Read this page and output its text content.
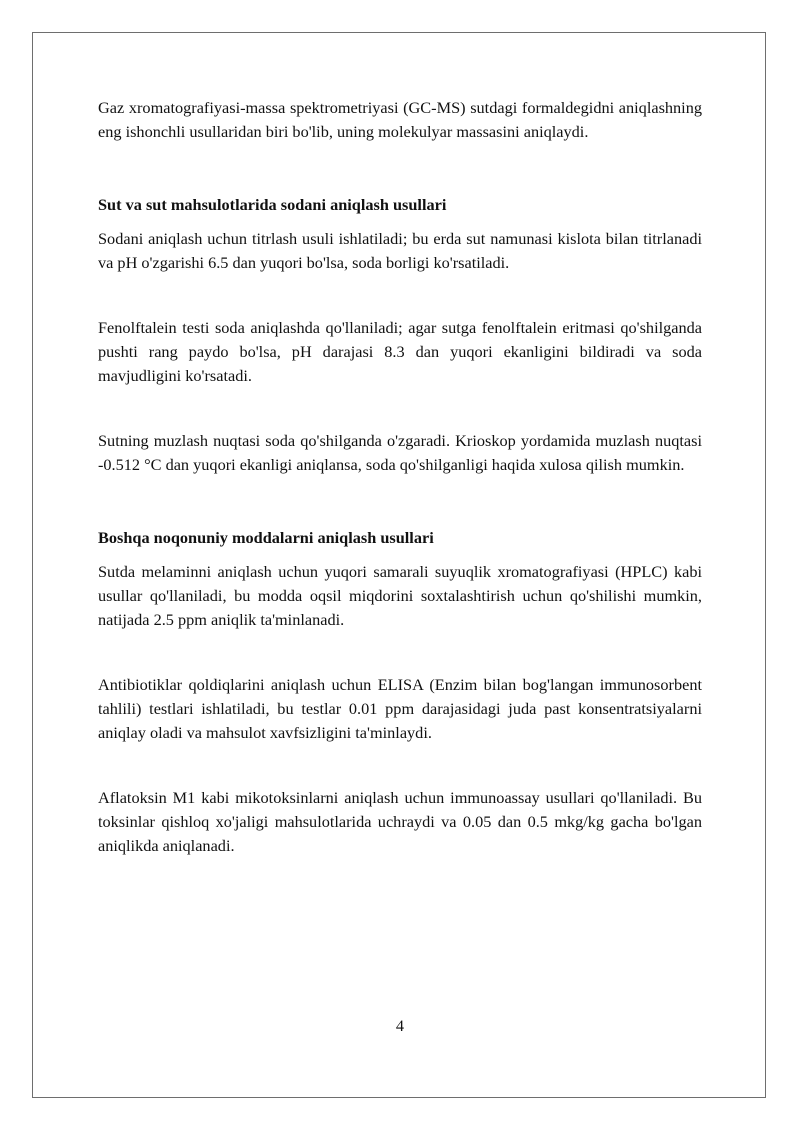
Gaz xromatografiyasi-massa spektrometriyasi (GC-MS) sutdagi formaldegidni aniqlashning eng ishonchli usullaridan biri bo'lib, uning molekulyar massasini aniqlaydi.

Sut va sut mahsulotlarida sodani aniqlash usullari

Sodani aniqlash uchun titrlash usuli ishlatiladi; bu erda sut namunasi kislota bilan titrlanadi va pH o'zgarishi 6.5 dan yuqori bo'lsa, soda borligi ko'rsatiladi.

Fenolftalein testi soda aniqlashda qo'llaniladi; agar sutga fenolftalein eritmasi qo'shilganda pushti rang paydo bo'lsa, pH darajasi 8.3 dan yuqori ekanligini bildiradi va soda mavjudligini ko'rsatadi.

Sutning muzlash nuqtasi soda qo'shilganda o'zgaradi. Krioskop yordamida muzlash nuqtasi -0.512 °C dan yuqori ekanligi aniqlansa, soda qo'shilganligi haqida xulosa qilish mumkin.

Boshqa noqonuniy moddalarni aniqlash usullari

Sutda melaminni aniqlash uchun yuqori samarali suyuqlik xromatografiyasi (HPLC) kabi usullar qo'llaniladi, bu modda oqsil miqdorini soxtalashtirish uchun qo'shilishi mumkin, natijada 2.5 ppm aniqlik ta'minlanadi.

Antibiotiklar qoldiqlarini aniqlash uchun ELISA (Enzim bilan bog'langan immunosorbent tahlili) testlari ishlatiladi, bu testlar 0.01 ppm darajasidagi juda past konsentratsiyalarni aniqlay oladi va mahsulot xavfsizligini ta'minlaydi.

Aflatoksin M1 kabi mikotoksinlarni aniqlash uchun immunoassay usullari qo'llaniladi. Bu toksinlar qishloq xo'jaligi mahsulotlarida uchraydi va 0.05 dan 0.5 mkg/kg gacha bo'lgan aniqlikda aniqlanadi.

4
